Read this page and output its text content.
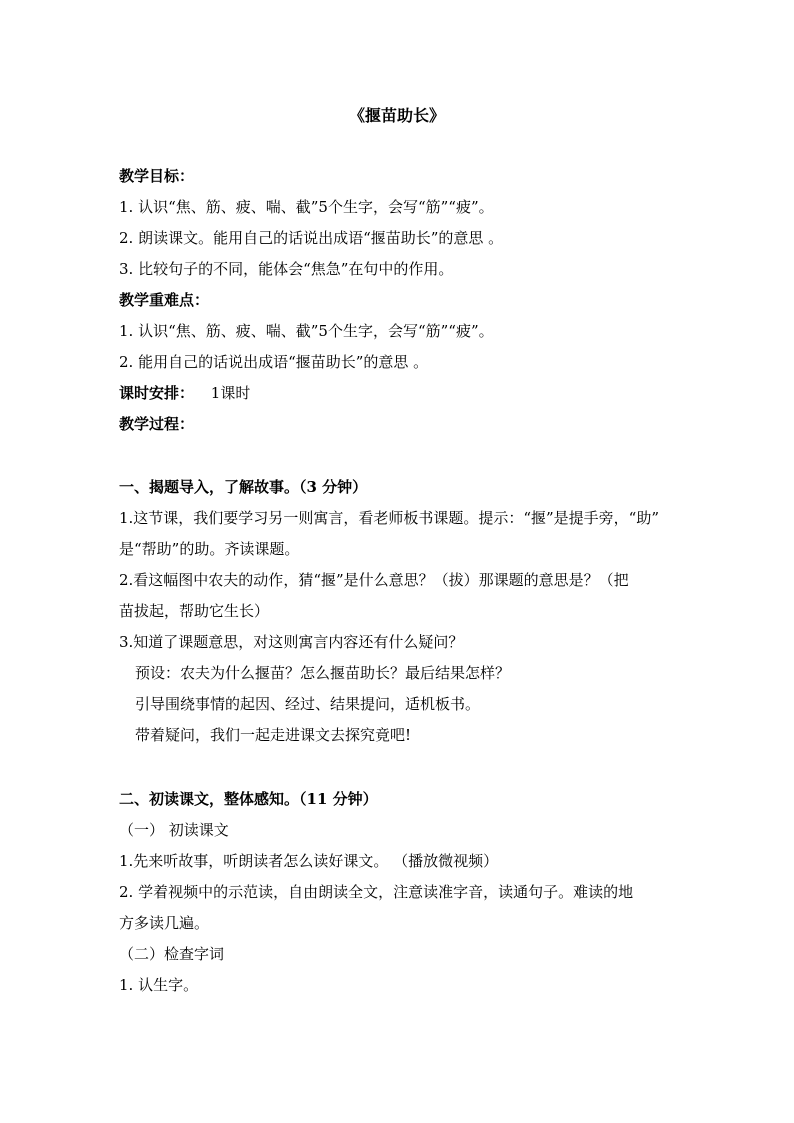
《揠苗助长》
教学目标：
1. 认识“焦、筋、疲、喘、截”5个生字，会写“筋”“疲”。
2. 朗读课文。能用自己的话说出成语“揠苗助长”的意思 。
3. 比较句子的不同，能体会“焦急”在句中的作用。
教学重难点：
1. 认识“焦、筋、疲、喘、截”5个生字，会写“筋”“疲”。
2. 能用自己的话说出成语“揠苗助长”的意思 。
课时安排： 1课时
教学过程：
一、揭题导入，了解故事。（3 分钟）
1.这节课，我们要学习另一则寓言，看老师板书课题。提示：“揠”是提手旁，“助”
是“帮助”的助。齐读课题。
2.看这幅图中农夫的动作，猜“揠”是什么意思？（拔）那课题的意思是？（把
苗拔起，帮助它生长）
3.知道了课题意思，对这则寓言内容还有什么疑问？
预设：农夫为什么揠苗？怎么揠苗助长？最后结果怎样？
引导围绕事情的起因、经过、结果提问，适机板书。
带着疑问，我们一起走进课文去探究竟吧!
二、初读课文，整体感知。（11 分钟）
（一） 初读课文
1.先来听故事，听朗读者怎么读好课文。 （播放微视频）
2. 学着视频中的示范读，自由朗读全文，注意读准字音，读通句子。难读的地
方多读几遍。
（二）检查字词
1. 认生字。
